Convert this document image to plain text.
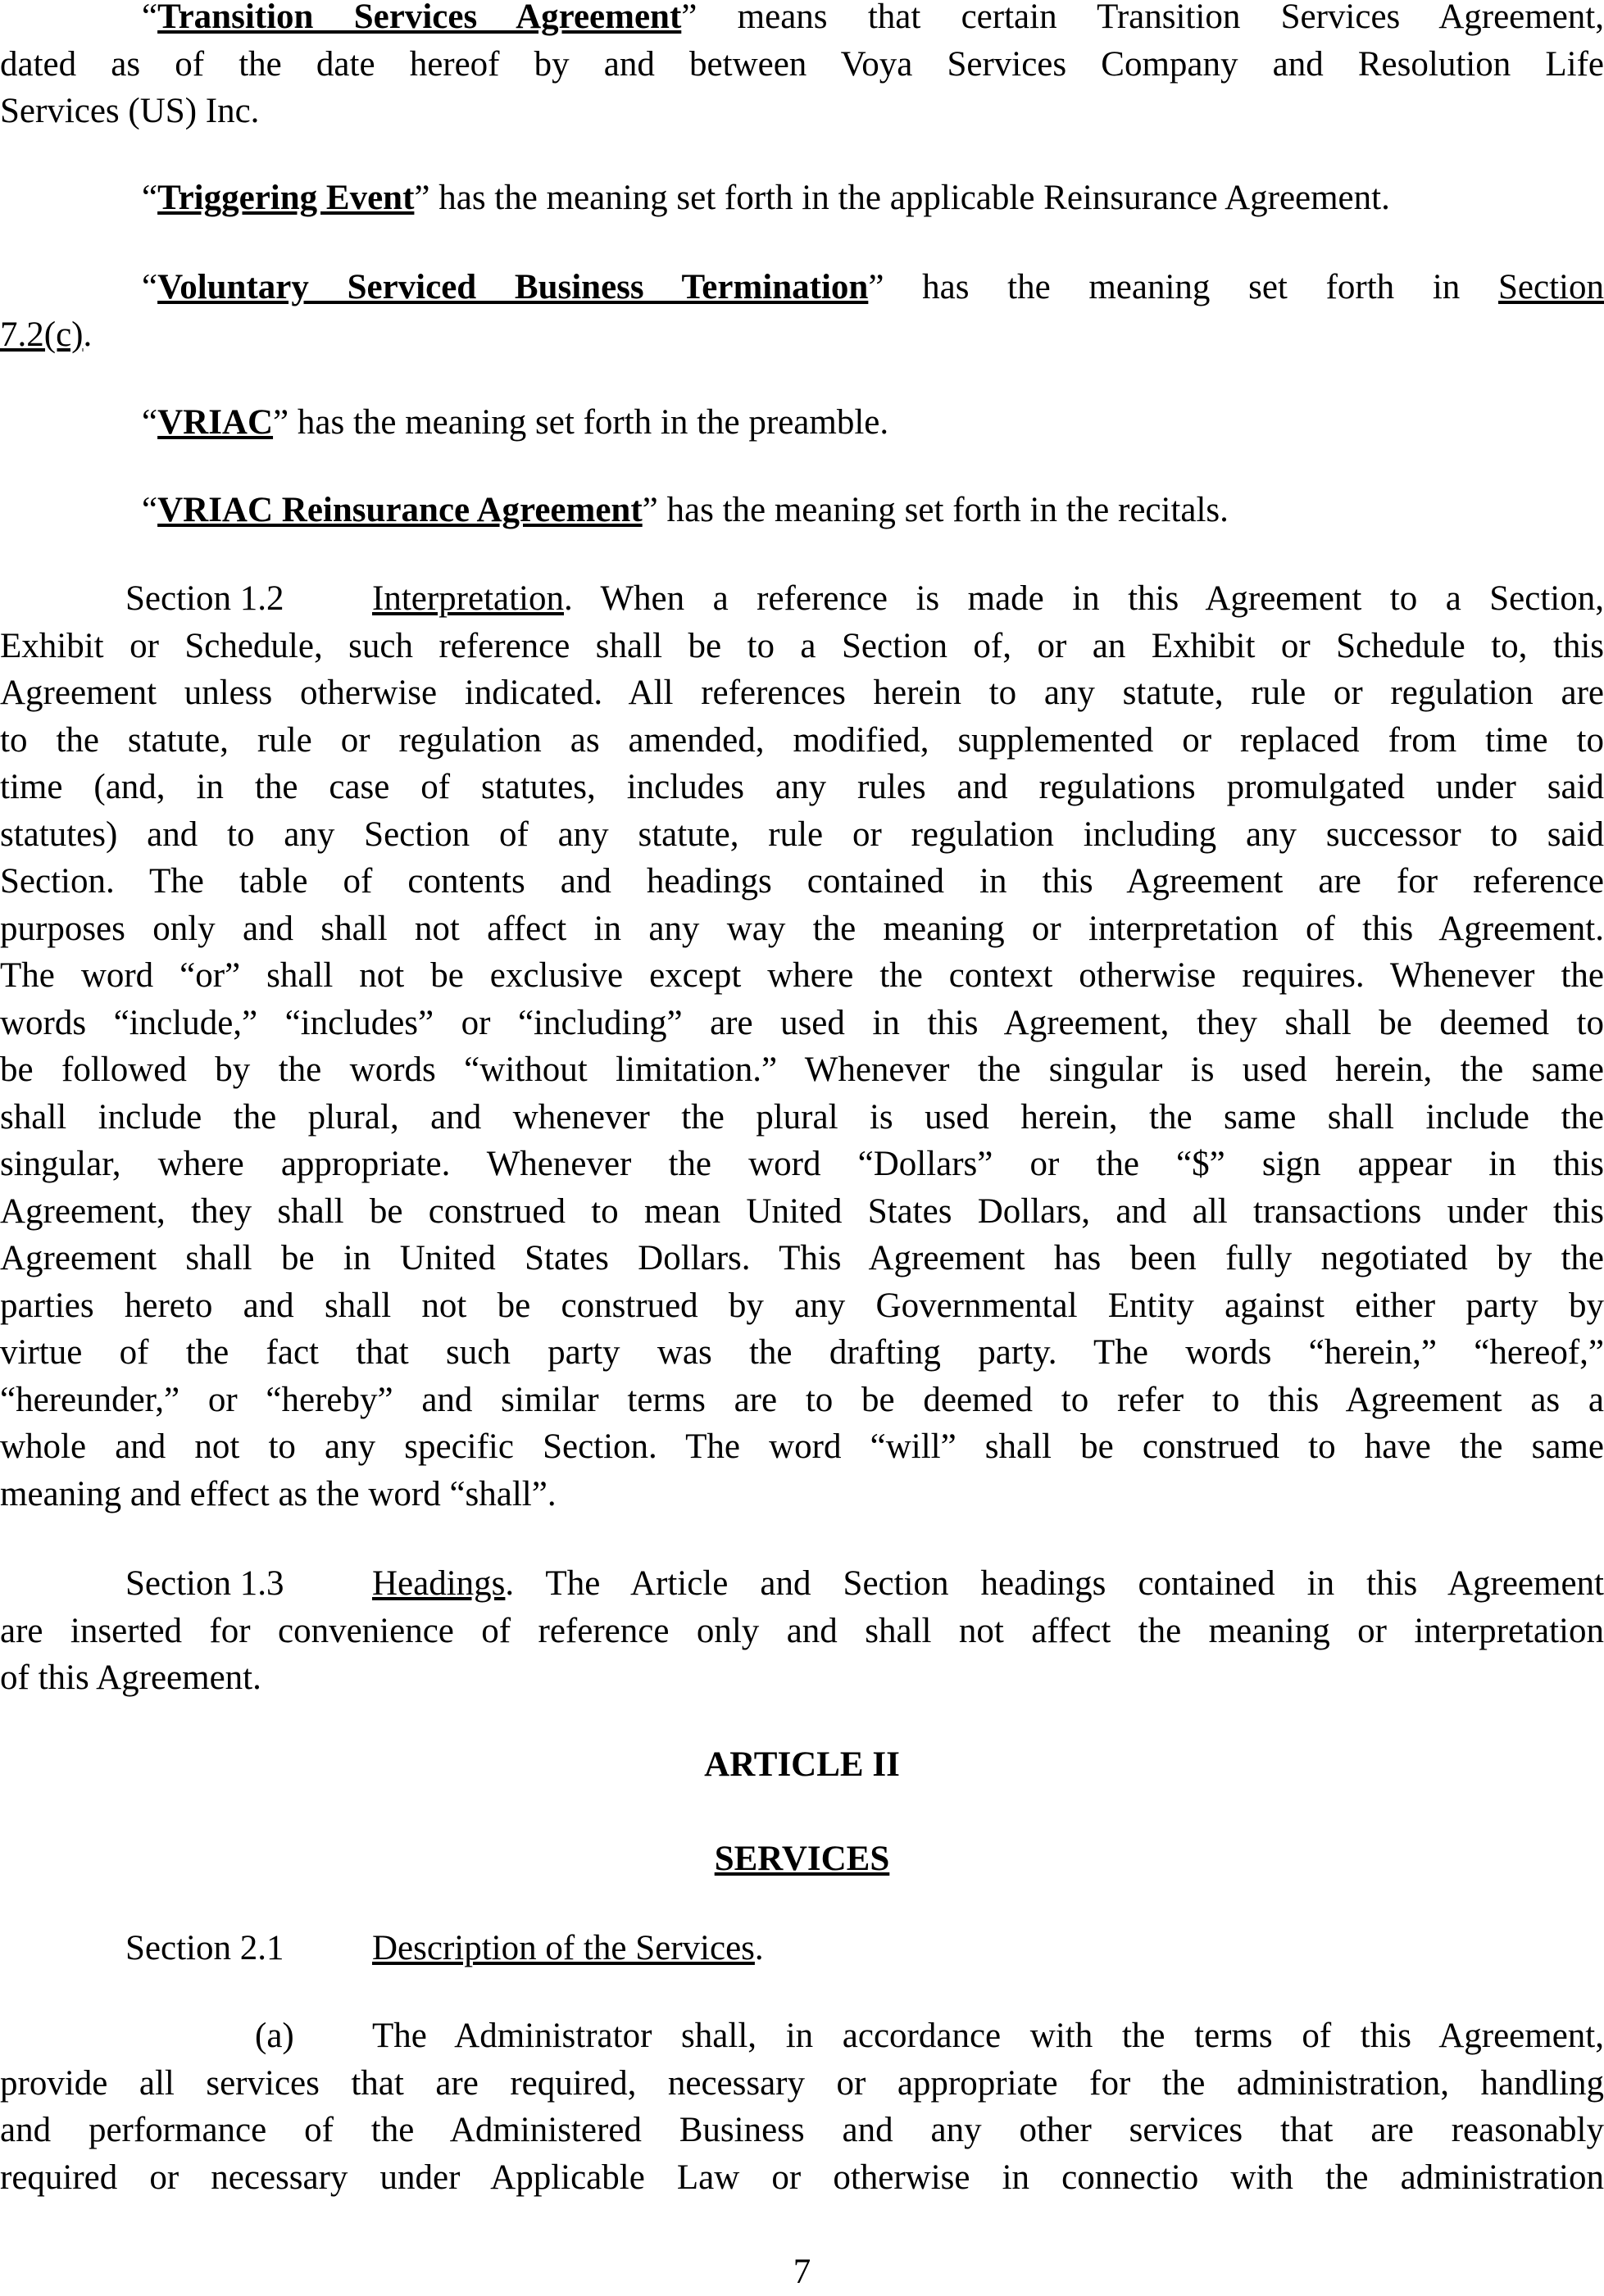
“Transition Services Agreement” means that certain Transition Services Agreement,
dated as of the date hereof by and between Voya Services Company and Resolution Life
Services (US) Inc.
“Triggering Event” has the meaning set forth in the applicable Reinsurance Agreement.
“Voluntary Serviced Business Termination” has the meaning set forth in Section
7.2(c).
“VRIAC” has the meaning set forth in the preamble.
“VRIAC Reinsurance Agreement” has the meaning set forth in the recitals.
Section 1.2	Interpretation. When a reference is made in this Agreement to a Section,
Exhibit or Schedule, such reference shall be to a Section of, or an Exhibit or Schedule to, this
Agreement unless otherwise indicated. All references herein to any statute, rule or regulation are
to the statute, rule or regulation as amended, modified, supplemented or replaced from time to
time (and, in the case of statutes, includes any rules and regulations promulgated under said
statutes) and to any Section of any statute, rule or regulation including any successor to said
Section. The table of contents and headings contained in this Agreement are for reference
purposes only and shall not affect in any way the meaning or interpretation of this Agreement.
The word “or” shall not be exclusive except where the context otherwise requires. Whenever the
words “include,” “includes” or “including” are used in this Agreement, they shall be deemed to
be followed by the words “without limitation.” Whenever the singular is used herein, the same
shall include the plural, and whenever the plural is used herein, the same shall include the
singular, where appropriate. Whenever the word “Dollars” or the “$” sign appear in this
Agreement, they shall be construed to mean United States Dollars, and all transactions under this
Agreement shall be in United States Dollars. This Agreement has been fully negotiated by the
parties hereto and shall not be construed by any Governmental Entity against either party by
virtue of the fact that such party was the drafting party. The words “herein,” “hereof,”
“hereunder,” or “hereby” and similar terms are to be deemed to refer to this Agreement as a
whole and not to any specific Section. The word “will” shall be construed to have the same
meaning and effect as the word “shall”.
Section 1.3	Headings. The Article and Section headings contained in this Agreement
are inserted for convenience of reference only and shall not affect the meaning or interpretation
of this Agreement.
ARTICLE II
SERVICES
Section 2.1	Description of the Services.
(a) The Administrator shall, in accordance with the terms of this Agreement,
provide all services that are required, necessary or appropriate for the administration, handling
and performance of the Administered Business and any other services that are reasonably
required or necessary under Applicable Law or otherwise in connectio with the administration
7
